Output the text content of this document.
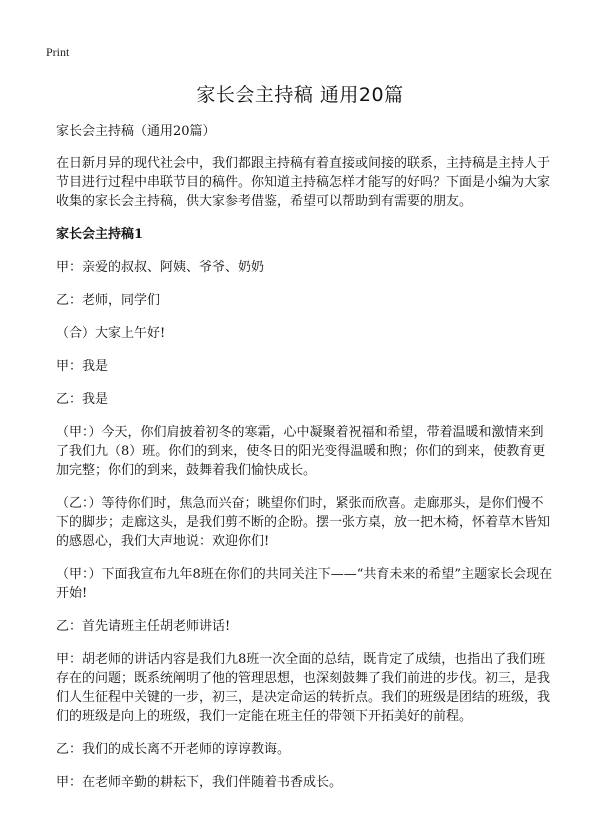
Print
家长会主持稿 通用20篇

家长会主持稿（通用20篇）

在日新月异的现代社会中，我们都跟主持稿有着直接或间接的联系，主持稿是主持人于节目进行过程中串联节目的稿件。你知道主持稿怎样才能写的好吗？下面是小编为大家收集的家长会主持稿，供大家参考借鉴，希望可以帮助到有需要的朋友。

家长会主持稿1

甲：亲爱的叔叔、阿姨、爷爷、奶奶

乙：老师，同学们

（合）大家上午好!

甲：我是

乙：我是

（甲：）今天，你们肩披着初冬的寒霜，心中凝聚着祝福和希望，带着温暖和激情来到了我们九（8）班。你们的到来，使冬日的阳光变得温暖和煦；你们的到来，使教育更加完整；你们的到来，鼓舞着我们愉快成长。

（乙：）等待你们时，焦急而兴奋；眺望你们时，紧张而欣喜。走廊那头，是你们慢不下的脚步；走廊这头，是我们剪不断的企盼。摆一张方桌，放一把木椅，怀着草木皆知的感恩心，我们大声地说：欢迎你们!

（甲：）下面我宣布九年8班在你们的共同关注下——“共育未来的希望”主题家长会现在开始!

乙：首先请班主任胡老师讲话!

甲：胡老师的讲话内容是我们九8班一次全面的总结，既肯定了成绩，也指出了我们班存在的问题；既系统阐明了他的管理思想，也深刻鼓舞了我们前进的步伐。初三，是我们人生征程中关键的一步，初三，是决定命运的转折点。我们的班级是团结的班级，我们的班级是向上的班级，我们一定能在班主任的带领下开拓美好的前程。

乙：我们的成长离不开老师的谆谆教诲。

甲：在老师辛勤的耕耘下，我们伴随着书香成长。
